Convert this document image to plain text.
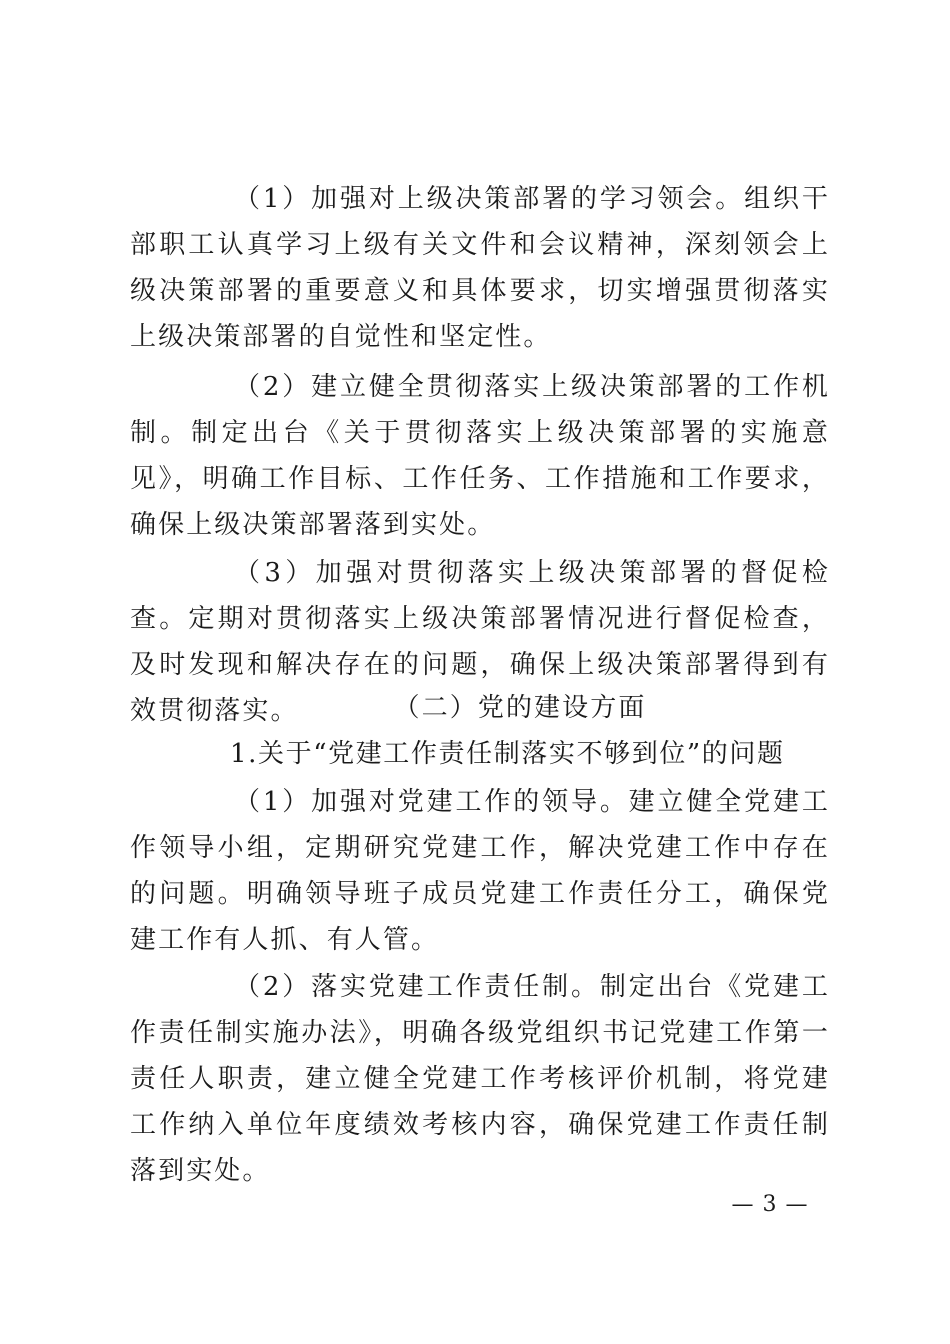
（1）加强对上级决策部署的学习领会。组织干部职工认真学习上级有关文件和会议精神，深刻领会上级决策部署的重要意义和具体要求，切实增强贯彻落实上级决策部署的自觉性和坚定性。

（2）建立健全贯彻落实上级决策部署的工作机制。制定出台《关于贯彻落实上级决策部署的实施意见》，明确工作目标、工作任务、工作措施和工作要求，确保上级决策部署落到实处。

（3）加强对贯彻落实上级决策部署的督促检查。定期对贯彻落实上级决策部署情况进行督促检查，及时发现和解决存在的问题，确保上级决策部署得到有效贯彻落实。	（二）党的建设方面

1.关于“党建工作责任制落实不够到位”的问题

（1）加强对党建工作的领导。建立健全党建工作领导小组，定期研究党建工作，解决党建工作中存在的问题。明确领导班子成员党建工作责任分工，确保党建工作有人抓、有人管。

（2）落实党建工作责任制。制定出台《党建工作责任制实施办法》，明确各级党组织书记党建工作第一责任人职责，建立健全党建工作考核评价机制，将党建工作纳入单位年度绩效考核内容，确保党建工作责任制落到实处。

— 3 —
